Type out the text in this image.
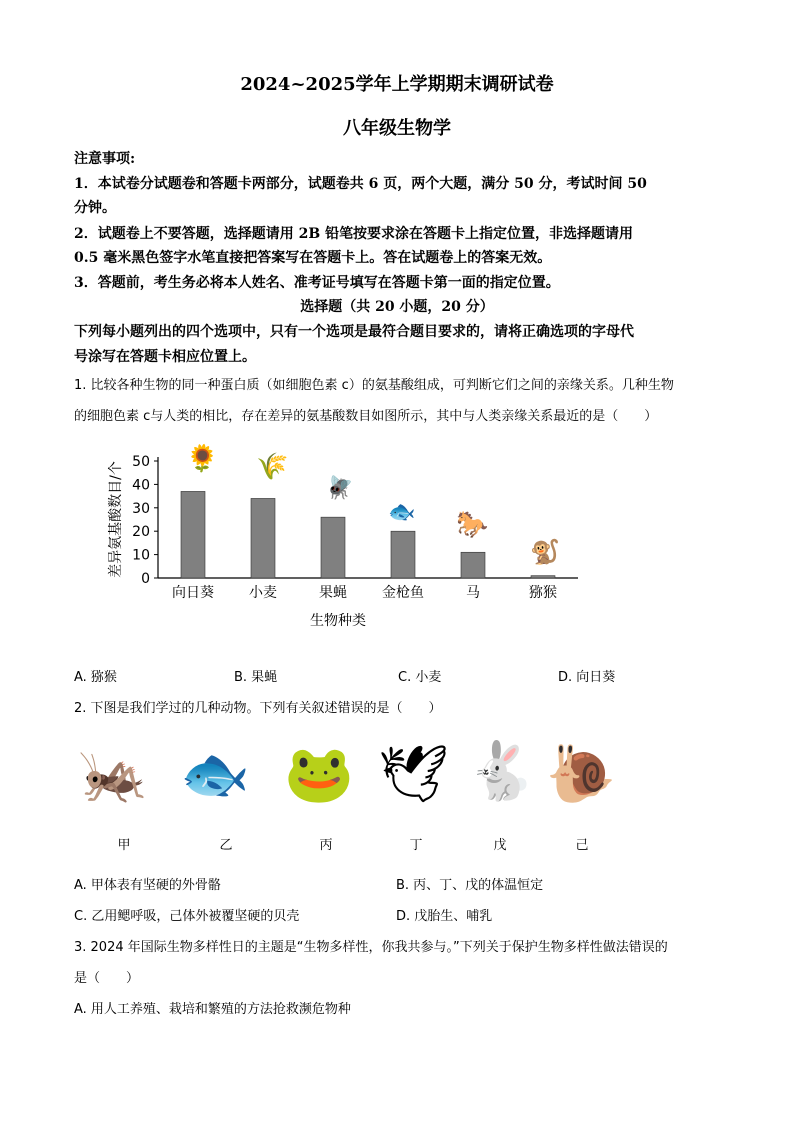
2024~2025学年上学期期末调研试卷
八年级生物学
注意事项:
1．本试卷分试题卷和答题卡两部分，试题卷共 6 页，两个大题，满分 50 分，考试时间 50
分钟。
2．试题卷上不要答题，选择题请用 2B 铅笔按要求涂在答题卡上指定位置，非选择题请用
0.5 毫米黑色签字水笔直接把答案写在答题卡上。答在试题卷上的答案无效。
3．答题前，考生务必将本人姓名、准考证号填写在答题卡第一面的指定位置。
选择题（共 20 小题，20 分）
下列每小题列出的四个选项中，只有一个选项是最符合题目要求的，请将正确选项的字母代
号涂写在答题卡相应位置上。
1. 比较各种生物的同一种蛋白质（如细胞色素 c）的氨基酸组成，可判断它们之间的亲缘关系。几种生物
的细胞色素 c与人类的相比，存在差异的氨基酸数目如图所示，其中与人类亲缘关系最近的是（　　）
0
10
20
30
40
50
向日葵	小麦	果蝇	金枪鱼	马	猕猴
生物种类
差异氨基酸数目/个
🌻 🌾
🪰
🐟 🐎
🐒
A. 猕猴	B. 果蝇	C. 小麦	D. 向日葵
2. 下图是我们学过的几种动物。下列有关叙述错误的是（　　）
🦗 🐟 🐸 🕊 🐇 🐌
甲	乙	丙	丁	戊	己
A. 甲体表有坚硬的外骨骼	B. 丙、丁、戊的体温恒定
C. 乙用鳃呼吸，己体外被覆坚硬的贝壳	D. 戊胎生、哺乳
3. 2024 年国际生物多样性日的主题是“生物多样性，你我共参与。”下列关于保护生物多样性做法错误的
是（　　）
A. 用人工养殖、栽培和繁殖的方法抢救濒危物种
